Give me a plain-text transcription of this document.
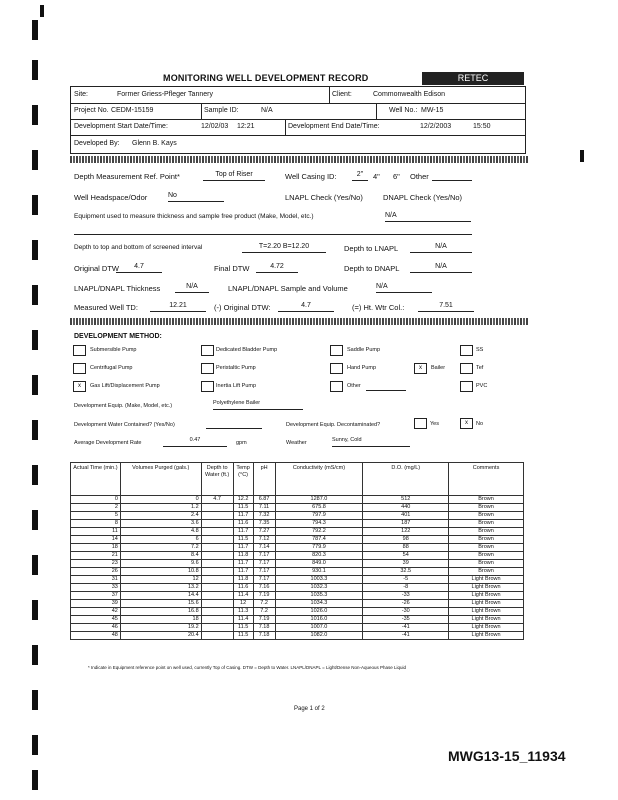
MONITORING WELL DEVELOPMENT RECORD	RETEC
Site:	Former Griess-Pfleger Tannery	Client:	Commonwealth Edison
Project No. CEDM-15159	Sample ID:	N/A	Well No.: MW-15
Development Start Date/Time:	12/02/03 12:21	Development End Date/Time:	12/2/2003	15:50
Developed By: Glenn B. Kays
Depth Measurement Ref. Point*	Top of Riser	Well Casing ID:	2"	4" 6" Other
Well Headspace/Odor	No	LNAPL Check (Yes/No)	DNAPL Check (Yes/No)
Equipment used to measure thickness and sample free product (Make, Model, etc.)	N/A
Depth to top and bottom of screened interval	T=2.20 B=12.20	Depth to LNAPL	N/A
Original DTW	4.7	Final DTW	4.72	Depth to DNAPL	N/A
LNAPL/DNAPL Thickness	N/A	LNAPL/DNAPL Sample and Volume	N/A
Measured Well TD:	12.21	(-) Original DTW:	4.7	(=) Ht. Wtr Col.:	7.51
DEVELOPMENT METHOD:
Submersible Pump	Dedicated Bladder Pump	Saddle Pump	SS
Centrifugal Pump	Peristaltic Pump	Hand Pump	x	Bailer	Tef
x	Gas Lift/Displacement Pump	Inertia Lift Pump	Other	PVC
Development Equip. (Make, Model, etc.)	Polyethylene Bailer
Development Water Contained? (Yes/No)	Development Equip. Decontaminated?	Yes	x	No
Average Development Rate	0.47	gpm	Weather	Sunny, Cold
Actual Time (min.)	Volumes Purged (gals.)	Depth to Water (ft.)	Temp (°C)	pH	Conductivity (mS/cm)	D.O. (mg/L)	Comments
0	0	4.7	12.2	6.87	1287.0	512	Brown
2	1.2		11.5	7.11	675.8	440	Brown
5	2.4		11.7	7.32	797.9	401	Brown
8	3.6		11.6	7.35	794.3	187	Brown
11	4.8		11.7	7.27	792.2	122	Brown
14	6		11.5	7.12	787.4	98	Brown
18	7.2		11.7	7.14	779.9	88	Brown
21	8.4		11.8	7.17	820.3	54	Brown
23	9.6		11.7	7.17	849.0	39	Brown
26	10.8		11.7	7.17	930.1	32.5	Brown
31	12		11.8	7.17	1003.3	-5	Light Brown
33	13.2		11.6	7.16	1032.3	-8	Light Brown
37	14.4		11.4	7.19	1035.3	-33	Light Brown
39	15.6		12	7.2	1034.3	-26	Light Brown
42	16.8		11.3	7.2	1026.0	-30	Light Brown
45	18		11.4	7.19	1016.0	-35	Light Brown
46	19.2		11.5	7.18	1007.0	-41	Light Brown
48	20.4		11.5	7.18	1082.0	-41	Light Brown
* Indicate in Equipment reference point on well used, currently Top of Casing. DTW = Depth to Water. LNAPL/DNAPL = Light/Dense Non-Aqueous Phase Liquid
Page 1 of 2
MWG13-15_11934
